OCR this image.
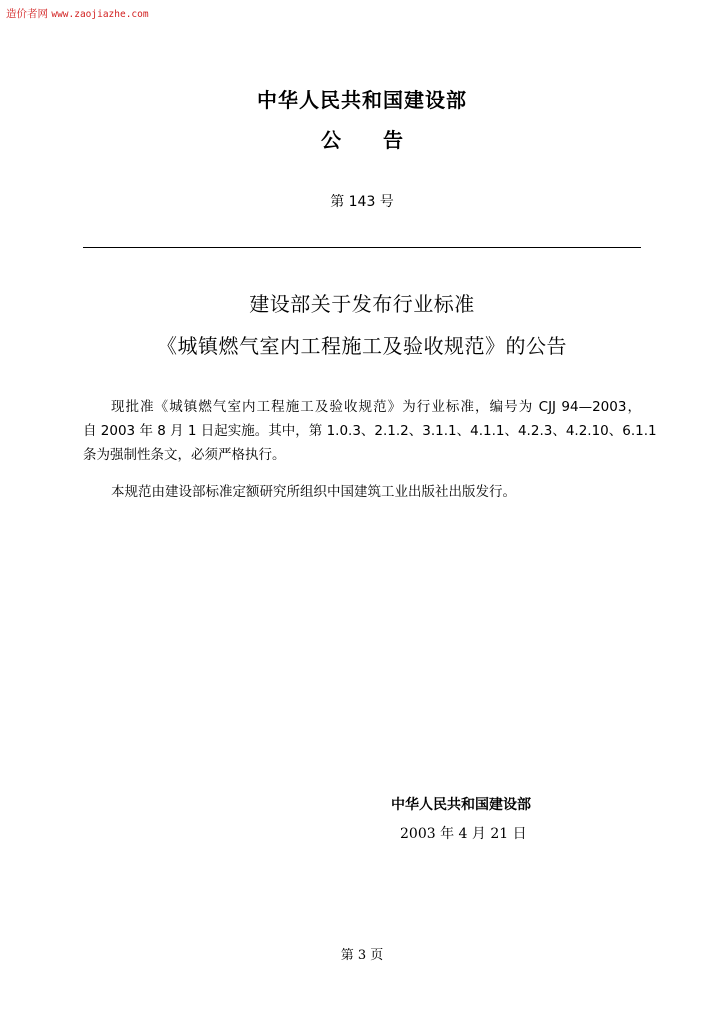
造价者网 www.zaojiazhe.com
中华人民共和国建设部
公 告
第 143 号
建设部关于发布行业标准
《城镇燃气室内工程施工及验收规范》的公告
现批准《城镇燃气室内工程施工及验收规范》为行业标准，编号为 CJJ 94—2003，
自 2003 年 8 月 1 日起实施。其中，第 1.0.3、2.1.2、3.1.1、4.1.1、4.2.3、4.2.10、6.1.1
条为强制性条文，必须严格执行。
本规范由建设部标准定额研究所组织中国建筑工业出版社出版发行。
中华人民共和国建设部
2003 年 4 月 21 日
第 3 页
